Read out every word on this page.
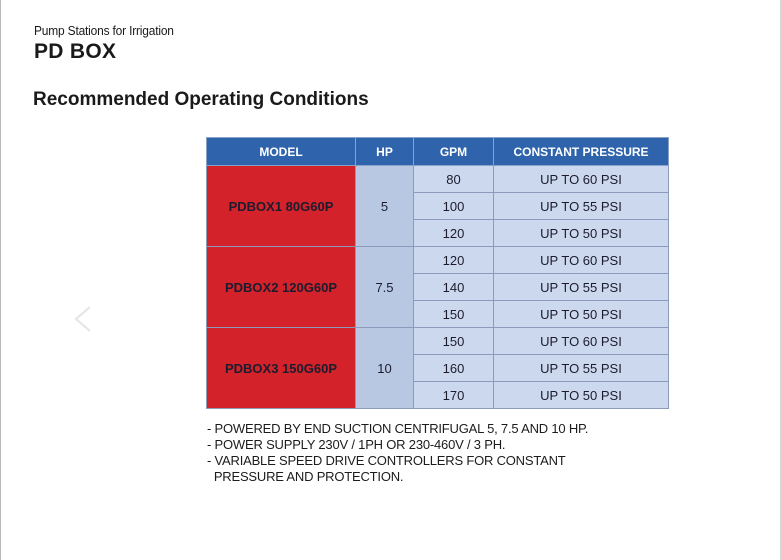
Pump Stations for Irrigation
PD BOX
Recommended Operating Conditions
MODEL	HP	GPM	CONSTANT PRESSURE
PDBOX1 80G60P	5	80	UP TO 60 PSI
		100	UP TO 55 PSI
		120	UP TO 50 PSI
PDBOX2 120G60P	7.5	120	UP TO 60 PSI
		140	UP TO 55 PSI
		150	UP TO 50 PSI
PDBOX3 150G60P	10	150	UP TO 60 PSI
		160	UP TO 55 PSI
		170	UP TO 50 PSI
- POWERED BY END SUCTION CENTRIFUGAL 5, 7.5 AND 10 HP.
- POWER SUPPLY 230V / 1PH OR 230-460V / 3 PH.
- VARIABLE SPEED DRIVE CONTROLLERS FOR CONSTANT
PRESSURE AND PROTECTION.
